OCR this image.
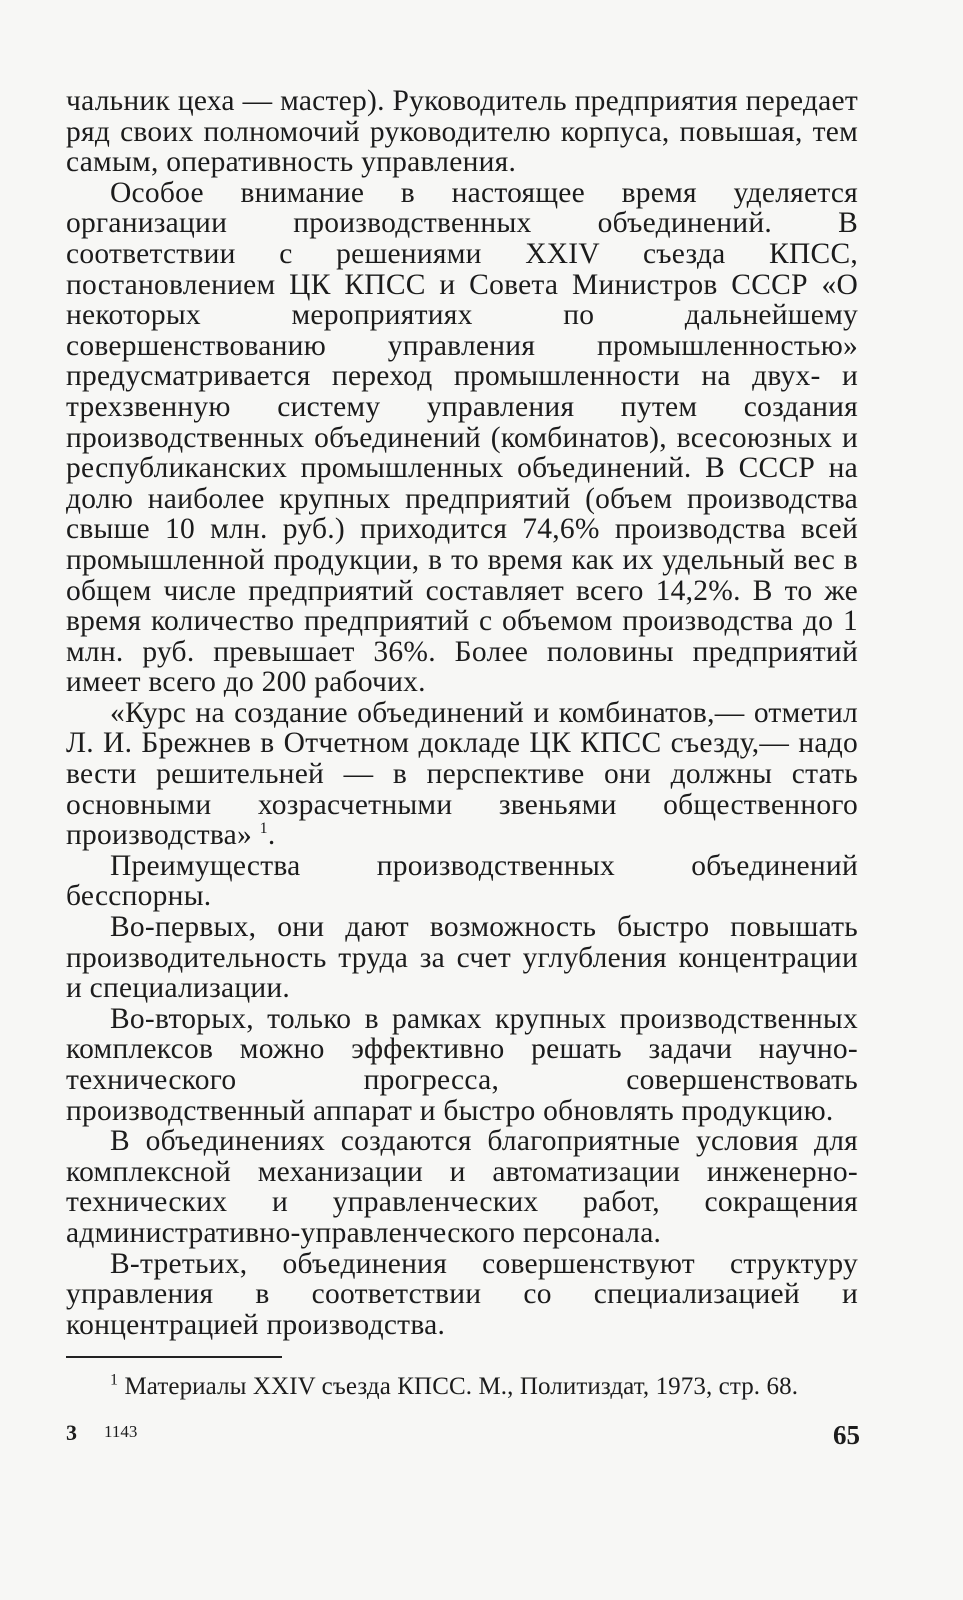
чальник цеха — мастер). Руководитель предприятия передает ряд своих полномочий руководителю корпуса, повышая, тем самым, оперативность управления.

Особое внимание в настоящее время уделяется организации производственных объединений. В соответствии с решениями XXIV съезда КПСС, постановлением ЦК КПСС и Совета Министров СССР «О некоторых мероприятиях по дальнейшему совершенствованию управления промышленностью» предусматривается переход промышленности на двух- и трехзвенную систему управления путем создания производственных объединений (комбинатов), всесоюзных и республиканских промышленных объединений. В СССР на долю наиболее крупных предприятий (объем производства свыше 10 млн. руб.) приходится 74,6% производства всей промышленной продукции, в то время как их удельный вес в общем числе предприятий составляет всего 14,2%. В то же время количество предприятий с объемом производства до 1 млн. руб. превышает 36%. Более половины предприятий имеет всего до 200 рабочих.

«Курс на создание объединений и комбинатов,— отметил Л. И. Брежнев в Отчетном докладе ЦК КПСС съезду,— надо вести решительней — в перспективе они должны стать основными хозрасчетными звеньями общественного производства» $^1$.

Преимущества производственных объединений бесспорны.

Во-первых, они дают возможность быстро повышать производительность труда за счет углубления концентрации и специализации.

Во-вторых, только в рамках крупных производственных комплексов можно эффективно решать задачи научно-технического прогресса, совершенствовать производственный аппарат и быстро обновлять продукцию.

В объединениях создаются благоприятные условия для комплексной механизации и автоматизации инженерно-технических и управленческих работ, сокращения административно-управленческого персонала.

В-третьих, объединения совершенствуют структуру управления в соответствии со специализацией и концентрацией производства.

$^1$ Материалы XXIV съезда КПСС. М., Политиздат, 1973, стр. 68.

3 1143	65
